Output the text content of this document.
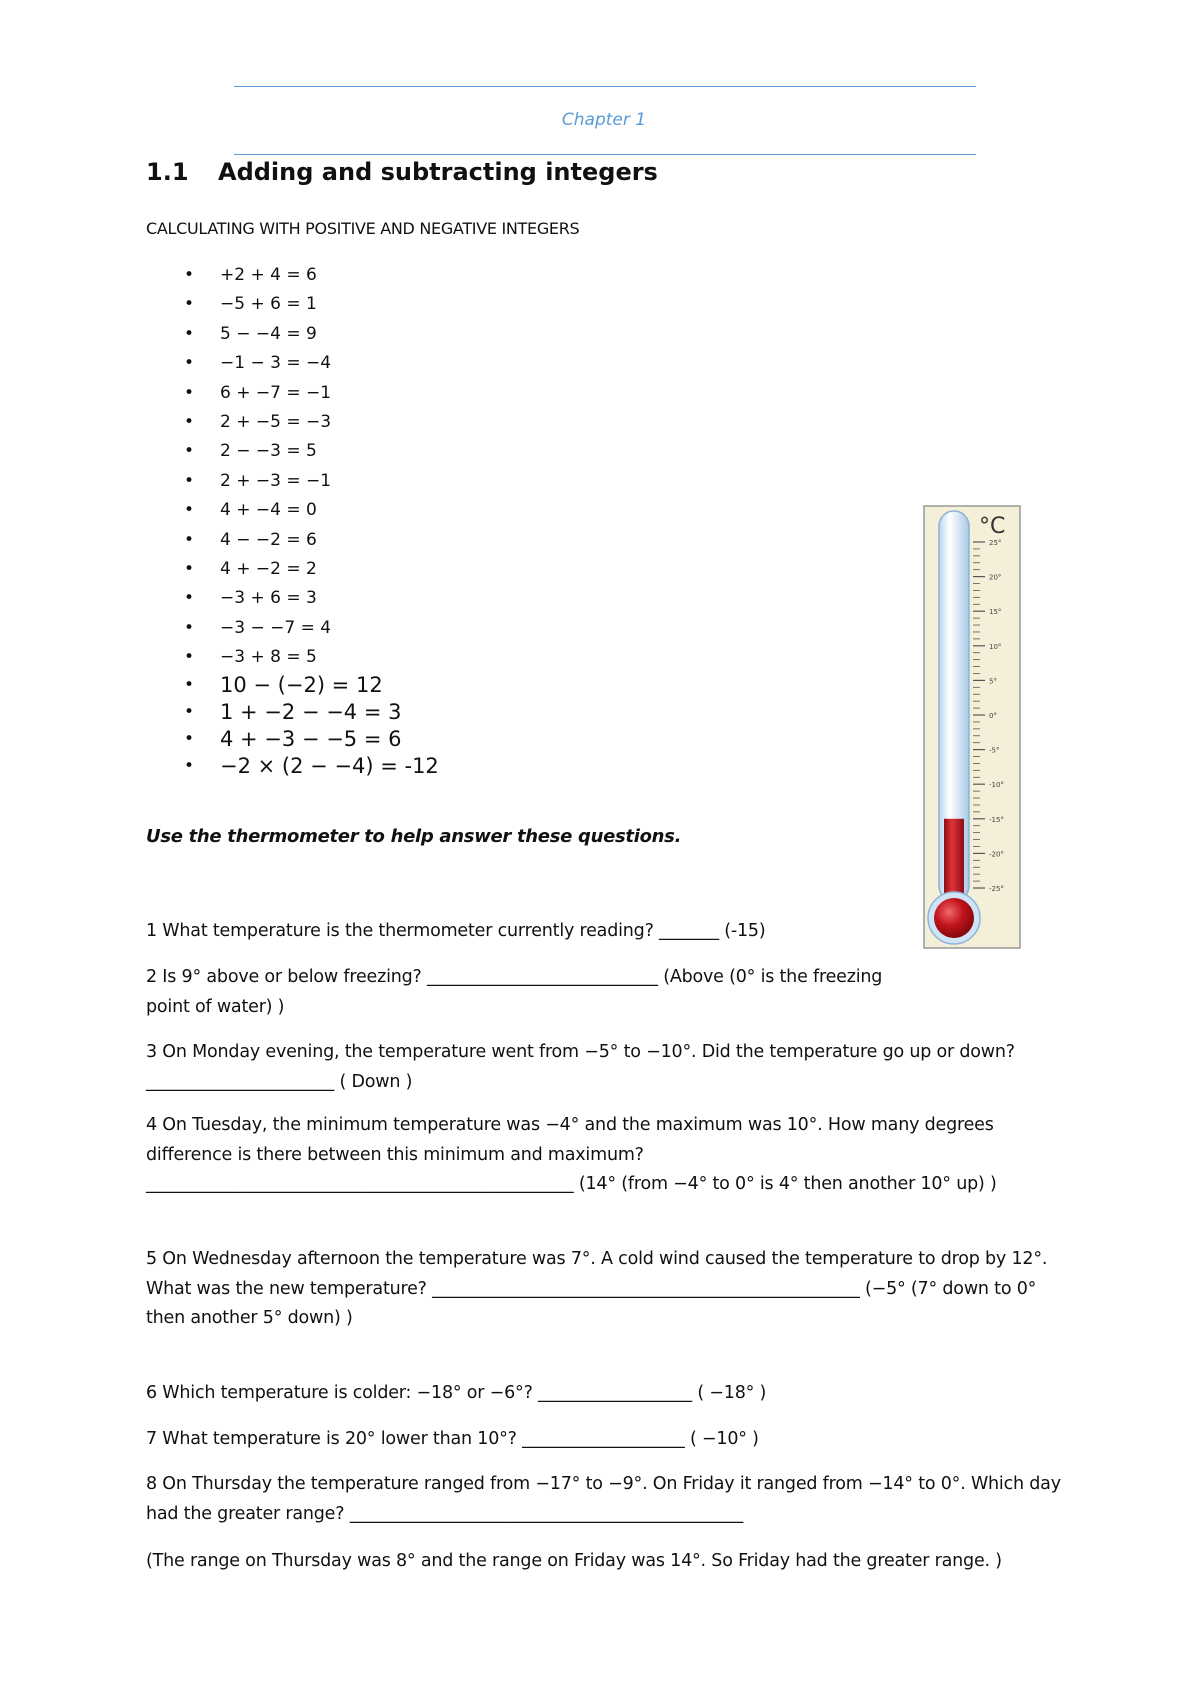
Chapter 1
1.1 Adding and subtracting integers
CALCULATING WITH POSITIVE AND NEGATIVE INTEGERS
• +2 + 4 = 6
• −5 + 6 = 1
• 5 − −4 = 9
• −1 − 3 = −4
• 6 + −7 = −1
• 2 + −5 = −3
• 2 − −3 = 5
• 2 + −3 = −1
• 4 + −4 = 0
• 4 − −2 = 6
• 4 + −2 = 2
• −3 + 6 = 3
• −3 − −7 = 4
• −3 + 8 = 5
• 10 − (−2) = 12
• 1 + −2 − −4 = 3
• 4 + −3 − −5 = 6
• −2 × (2 − −4) = -12
Use the thermometer to help answer these questions.
°C
25°
20°
15°
10°
5°
0°
-5°
-10°
-15°
-20°
-25°
1 What temperature is the thermometer currently reading? _______ (-15)
2 Is 9° above or below freezing? ___________________________ (Above (0° is the freezing point of water) )
3 On Monday evening, the temperature went from −5° to −10°. Did the temperature go up or down? ______________________ ( Down )
4 On Tuesday, the minimum temperature was −4° and the maximum was 10°. How many degrees difference is there between this minimum and maximum? __________________________________________________ (14° (from −4° to 0° is 4° then another 10° up) )
5 On Wednesday afternoon the temperature was 7°. A cold wind caused the temperature to drop by 12°. What was the new temperature? __________________________________________________ (−5° (7° down to 0° then another 5° down) )
6 Which temperature is colder: −18° or −6°? __________________ ( −18° )
7 What temperature is 20° lower than 10°? ___________________ ( −10° )
8 On Thursday the temperature ranged from −17° to −9°. On Friday it ranged from −14° to 0°. Which day had the greater range? ______________________________________________
(The range on Thursday was 8° and the range on Friday was 14°. So Friday had the greater range. )
